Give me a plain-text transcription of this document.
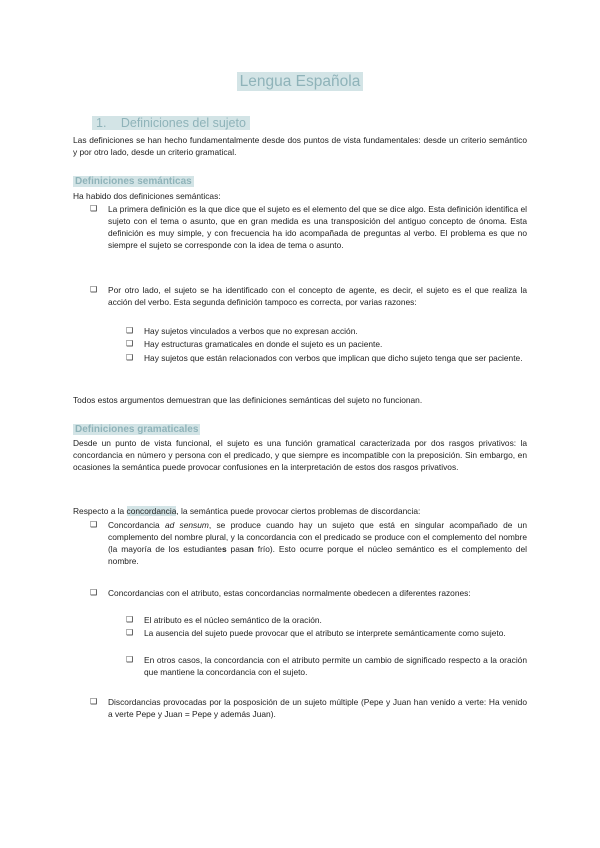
Lengua Española
1. Definiciones del sujeto
Las definiciones se han hecho fundamentalmente desde dos puntos de vista fundamentales: desde un criterio semántico y por otro lado, desde un criterio gramatical.
Definiciones semánticas
Ha habido dos definiciones semánticas:
❑ La primera definición es la que dice que el sujeto es el elemento del que se dice algo. Esta definición identifica el sujeto con el tema o asunto, que en gran medida es una transposición del antiguo concepto de ónoma. Esta definición es muy simple, y con frecuencia ha ido acompañada de preguntas al verbo. El problema es que no siempre el sujeto se corresponde con la idea de tema o asunto.
❑ Por otro lado, el sujeto se ha identificado con el concepto de agente, es decir, el sujeto es el que realiza la acción del verbo. Esta segunda definición tampoco es correcta, por varias razones:
❑ Hay sujetos vinculados a verbos que no expresan acción.
❑ Hay estructuras gramaticales en donde el sujeto es un paciente.
❑ Hay sujetos que están relacionados con verbos que implican que dicho sujeto tenga que ser paciente.
Todos estos argumentos demuestran que las definiciones semánticas del sujeto no funcionan.
Definiciones gramaticales
Desde un punto de vista funcional, el sujeto es una función gramatical caracterizada por dos rasgos privativos: la concordancia en número y persona con el predicado, y que siempre es incompatible con la preposición. Sin embargo, en ocasiones la semántica puede provocar confusiones en la interpretación de estos dos rasgos privativos.
Respecto a la concordancia, la semántica puede provocar ciertos problemas de discordancia:
❑ Concordancia ad sensum, se produce cuando hay un sujeto que está en singular acompañado de un complemento del nombre plural, y la concordancia con el predicado se produce con el complemento del nombre (la mayoría de los estudiantes pasan frío). Esto ocurre porque el núcleo semántico es el complemento del nombre.
❑ Concordancias con el atributo, estas concordancias normalmente obedecen a diferentes razones:
❑ El atributo es el núcleo semántico de la oración.
❑ La ausencia del sujeto puede provocar que el atributo se interprete semánticamente como sujeto.
❑ En otros casos, la concordancia con el atributo permite un cambio de significado respecto a la oración que mantiene la concordancia con el sujeto.
❑ Discordancias provocadas por la posposición de un sujeto múltiple (Pepe y Juan han venido a verte: Ha venido a verte Pepe y Juan = Pepe y además Juan).
